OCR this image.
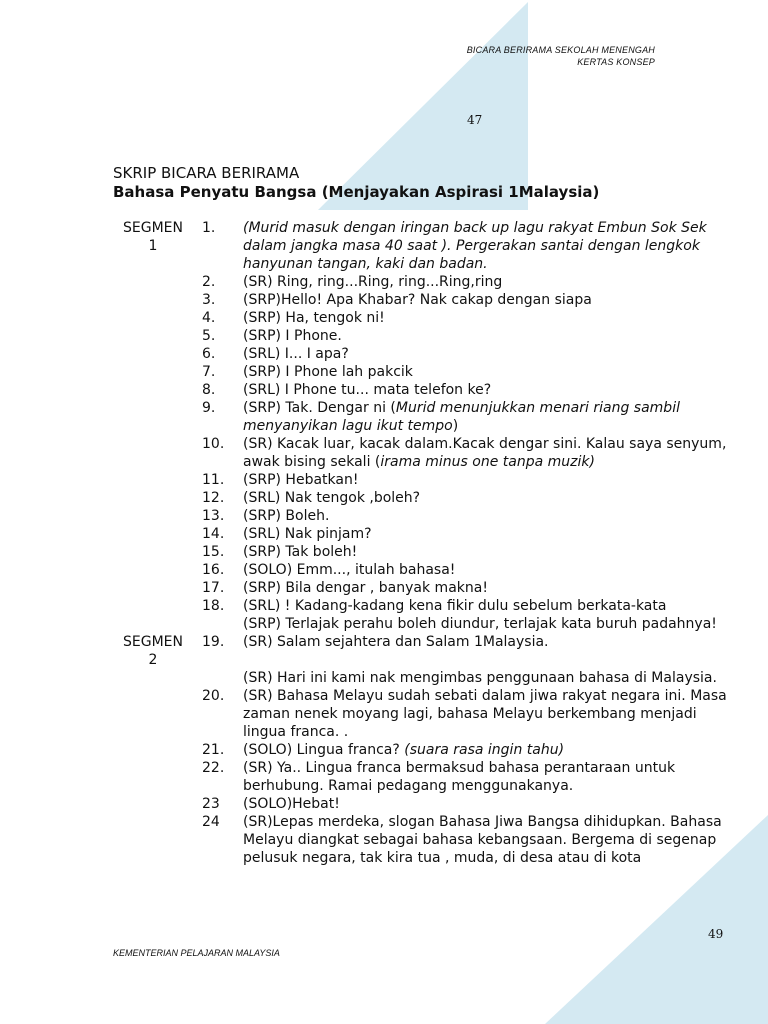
BICARA BERIRAMA SEKOLAH MENENGAH
KERTAS KONSEP
47
SKRIP BICARA BERIRAMA
Bahasa Penyatu Bangsa (Menjayakan Aspirasi 1Malaysia)
SEGMEN
1
1.	(Murid masuk dengan iringan back up lagu rakyat Embun Sok Sek dalam jangka masa 40 saat ). Pergerakan santai dengan lengkok hanyunan tangan, kaki dan badan.
2.	(SR) Ring, ring...Ring, ring...Ring,ring
3.	(SRP)Hello! Apa Khabar? Nak cakap dengan siapa
4.	(SRP) Ha, tengok ni!
5.	(SRP) I Phone.
6.	(SRL) I... I apa?
7.	(SRP) I Phone lah pakcik
8.	(SRL) I Phone tu... mata telefon ke?
9.	(SRP) Tak. Dengar ni (Murid menunjukkan menari riang sambil menyanyikan lagu ikut tempo)
10.	(SR) Kacak luar, kacak dalam.Kacak dengar sini. Kalau saya senyum, awak bising sekali (irama minus one tanpa muzik)
11.	(SRP) Hebatkan!
12.	(SRL) Nak tengok ,boleh?
13.	(SRP) Boleh.
14.	(SRL) Nak pinjam?
15.	(SRP) Tak boleh!
16.	(SOLO) Emm..., itulah bahasa!
17.	(SRP) Bila dengar , banyak makna!
18.	(SRL) ! Kadang-kadang kena fikir dulu sebelum berkata-kata
(SRP) Terlajak perahu boleh diundur, terlajak kata buruh padahnya!
SEGMEN
2
19.	(SR) Salam sejahtera dan Salam 1Malaysia.
(SR) Hari ini kami nak mengimbas penggunaan bahasa di Malaysia.
20.	(SR) Bahasa Melayu sudah sebati dalam jiwa rakyat negara ini. Masa zaman nenek moyang lagi, bahasa Melayu berkembang menjadi lingua franca. .
21.	(SOLO) Lingua franca? (suara rasa ingin tahu)
22.	(SR) Ya.. Lingua franca bermaksud bahasa perantaraan untuk berhubung. Ramai pedagang menggunakanya.
23	(SOLO)Hebat!
24	(SR)Lepas merdeka, slogan Bahasa Jiwa Bangsa dihidupkan. Bahasa Melayu diangkat sebagai bahasa kebangsaan. Bergema di segenap pelusuk negara, tak kira tua , muda, di desa atau di kota
49
KEMENTERIAN PELAJARAN MALAYSIA
